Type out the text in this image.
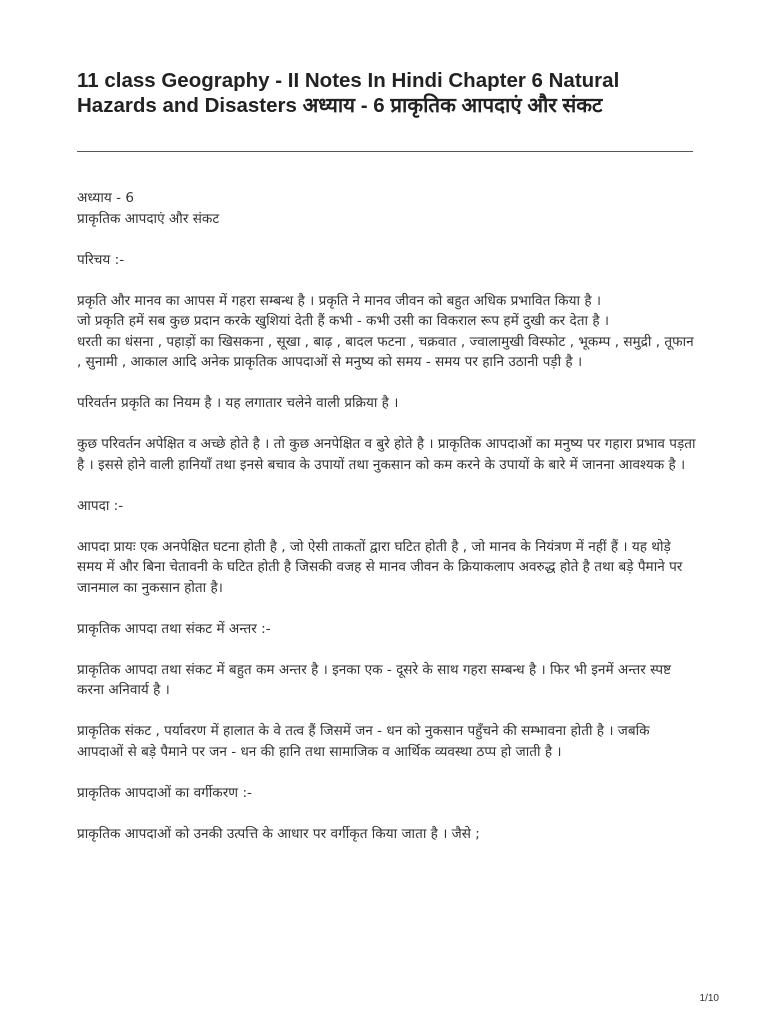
11 class Geography - II Notes In Hindi Chapter 6 Natural Hazards and Disasters अध्याय - 6 प्राकृतिक आपदाएं और संकट

अध्याय - 6

प्राकृतिक आपदाएं और संकट

परिचय :-

प्रकृति और मानव का आपस में गहरा सम्बन्ध है । प्रकृति ने मानव जीवन को बहुत अधिक प्रभावित किया है ।

जो प्रकृति हमें सब कुछ प्रदान करके खुशियां देती हैं कभी - कभी उसी का विकराल रूप हमें दुखी कर देता है ।

धरती का धंसना , पहाड़ों का खिसकना , सूखा , बाढ़ , बादल फटना , चक्रवात , ज्वालामुखी विस्फोट , भूकम्प , समुद्री , तूफान , सुनामी , आकाल आदि अनेक प्राकृतिक आपदाओं से मनुष्य को समय - समय पर हानि उठानी पड़ी है ।

परिवर्तन प्रकृति का नियम है । यह लगातार चलेने वाली प्रक्रिया है ।

कुछ परिवर्तन अपेक्षित व अच्छे होते है । तो कुछ अनपेक्षित व बुरे होते है । प्राकृतिक आपदाओं का मनुष्य पर गहारा प्रभाव पड़ता है । इससे होने वाली हानियाँ तथा इनसे बचाव के उपायों तथा नुकसान को कम करने के उपायों के बारे में जानना आवश्यक है ।

आपदा :-

आपदा प्रायः एक अनपेक्षित घटना होती है , जो ऐसी ताकतों द्वारा घटित होती है , जो मानव के नियंत्रण में नहीं हैं । यह थोड़े समय में और बिना चेतावनी के घटित होती है जिसकी वजह से मानव जीवन के क्रियाकलाप अवरुद्ध होते है तथा बड़े पैमाने पर जानमाल का नुकसान होता है।

प्राकृतिक आपदा तथा संकट में अन्तर :-

प्राकृतिक आपदा तथा संकट में बहुत कम अन्तर है । इनका एक - दूसरे के साथ गहरा सम्बन्ध है । फिर भी इनमें अन्तर स्पष्ट करना अनिवार्य है ।

प्राकृतिक संकट , पर्यावरण में हालात के वे तत्व हैं जिसमें जन - धन को नुकसान पहुँचने की सम्भावना होती है । जबकि आपदाओं से बड़े पैमाने पर जन - धन की हानि तथा सामाजिक व आर्थिक व्यवस्था ठप्प हो जाती है ।

प्राकृतिक आपदाओं का वर्गीकरण :-

प्राकृतिक आपदाओं को उनकी उत्पत्ति के आधार पर वर्गीकृत किया जाता है । जैसे ;

1/10
